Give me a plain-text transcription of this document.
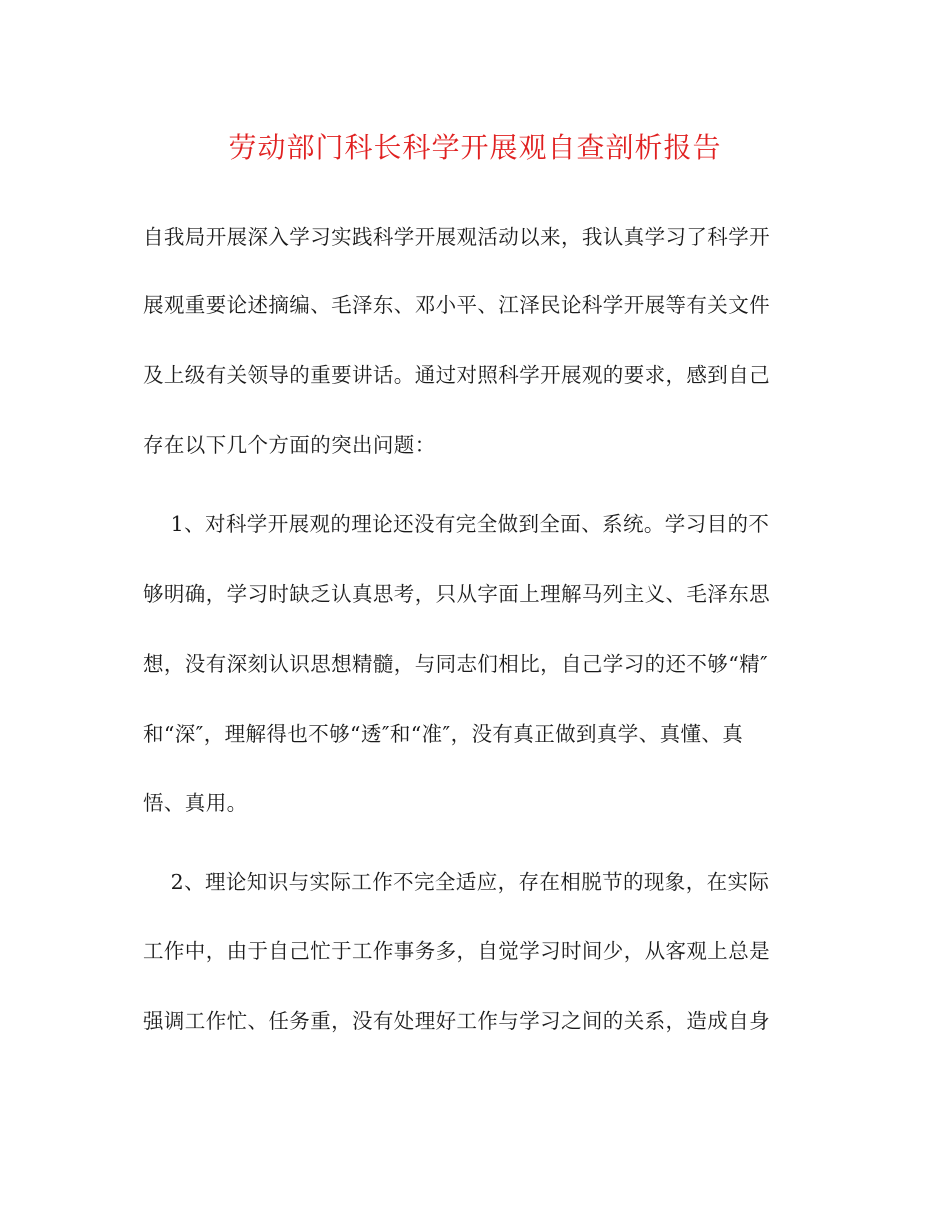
劳动部门科长科学开展观自查剖析报告
自我局开展深入学习实践科学开展观活动以来，我认真学习了科学开
展观重要论述摘编、毛泽东、邓小平、江泽民论科学开展等有关文件
及上级有关领导的重要讲话。通过对照科学开展观的要求，感到自己
存在以下几个方面的突出问题：
1、对科学开展观的理论还没有完全做到全面、系统。学习目的不
够明确，学习时缺乏认真思考，只从字面上理解马列主义、毛泽东思
想，没有深刻认识思想精髓，与同志们相比，自己学习的还不够“精″
和“深″，理解得也不够“透″和“准″，没有真正做到真学、真懂、真
悟、真用。
2、理论知识与实际工作不完全适应，存在相脱节的现象，在实际
工作中，由于自己忙于工作事务多，自觉学习时间少，从客观上总是
强调工作忙、任务重，没有处理好工作与学习之间的关系，造成自身
